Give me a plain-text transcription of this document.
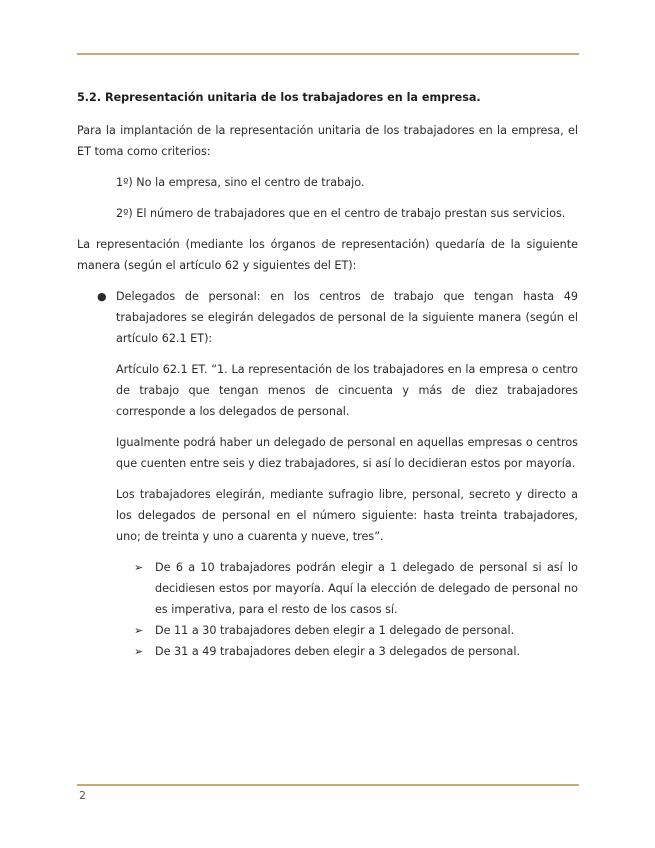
5.2. Representación unitaria de los trabajadores en la empresa.

Para la implantación de la representación unitaria de los trabajadores en la empresa, el ET toma como criterios:

1º) No la empresa, sino el centro de trabajo.

2º) El número de trabajadores que en el centro de trabajo prestan sus servicios.

La representación (mediante los órganos de representación) quedaría de la siguiente manera (según el artículo 62 y siguientes del ET):

● Delegados de personal: en los centros de trabajo que tengan hasta 49 trabajadores se elegirán delegados de personal de la siguiente manera (según el artículo 62.1 ET):

Artículo 62.1 ET. “1. La representación de los trabajadores en la empresa o centro de trabajo que tengan menos de cincuenta y más de diez trabajadores corresponde a los delegados de personal.

Igualmente podrá haber un delegado de personal en aquellas empresas o centros que cuenten entre seis y diez trabajadores, si así lo decidieran estos por mayoría.

Los trabajadores elegirán, mediante sufragio libre, personal, secreto y directo a los delegados de personal en el número siguiente: hasta treinta trabajadores, uno; de treinta y uno a cuarenta y nueve, tres”.

➢ De 6 a 10 trabajadores podrán elegir a 1 delegado de personal si así lo decidiesen estos por mayoría. Aquí la elección de delegado de personal no es imperativa, para el resto de los casos sí.
➢ De 11 a 30 trabajadores deben elegir a 1 delegado de personal.
➢ De 31 a 49 trabajadores deben elegir a 3 delegados de personal.
2
